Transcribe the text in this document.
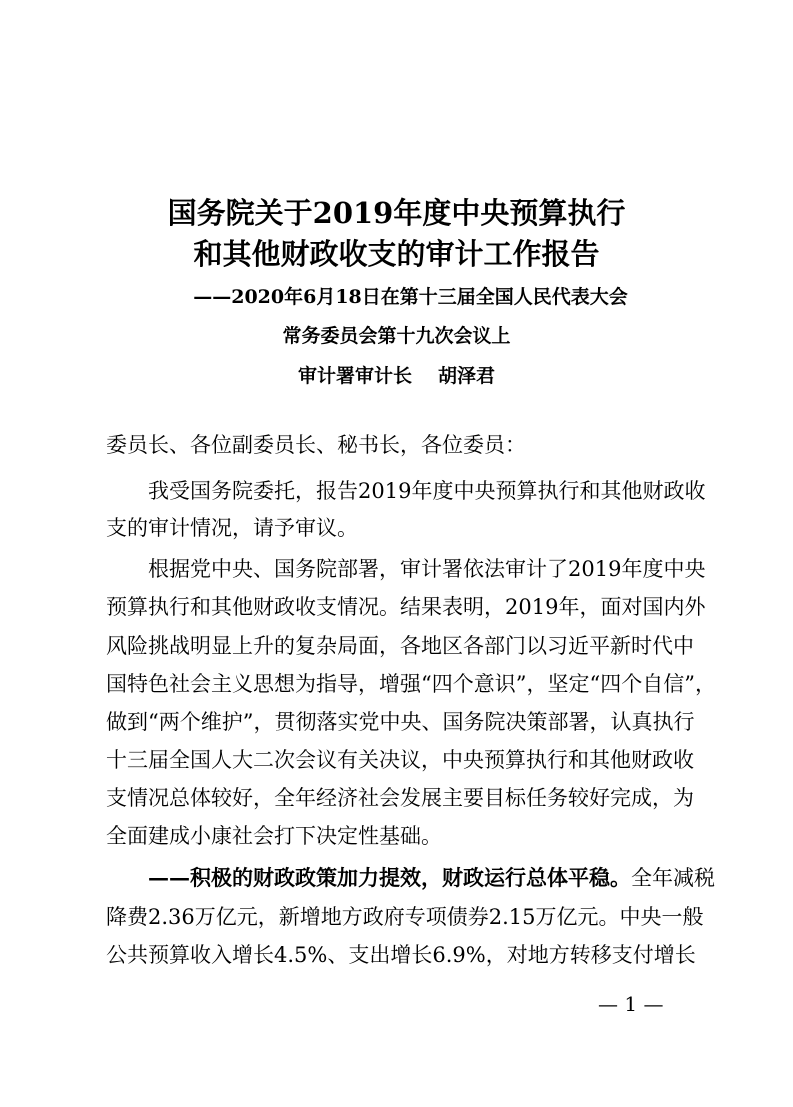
国务院关于2019年度中央预算执行
和其他财政收支的审计工作报告
——2020年6月18日在第十三届全国人民代表大会
常务委员会第十九次会议上
审计署审计长 胡泽君
委员长、各位副委员长、秘书长，各位委员：
我受国务院委托，报告2019年度中央预算执行和其他财政收
支的审计情况，请予审议。
根据党中央、国务院部署，审计署依法审计了2019年度中央
预算执行和其他财政收支情况。结果表明，2019年，面对国内外
风险挑战明显上升的复杂局面，各地区各部门以习近平新时代中
国特色社会主义思想为指导，增强“四个意识”，坚定“四个自信”，
做到“两个维护”，贯彻落实党中央、国务院决策部署，认真执行
十三届全国人大二次会议有关决议，中央预算执行和其他财政收
支情况总体较好，全年经济社会发展主要目标任务较好完成，为
全面建成小康社会打下决定性基础。
——积极的财政政策加力提效，财政运行总体平稳。全年减税
降费2.36万亿元，新增地方政府专项债券2.15万亿元。中央一般
公共预算收入增长4.5%、支出增长6.9%，对地方转移支付增长
— 1 —
